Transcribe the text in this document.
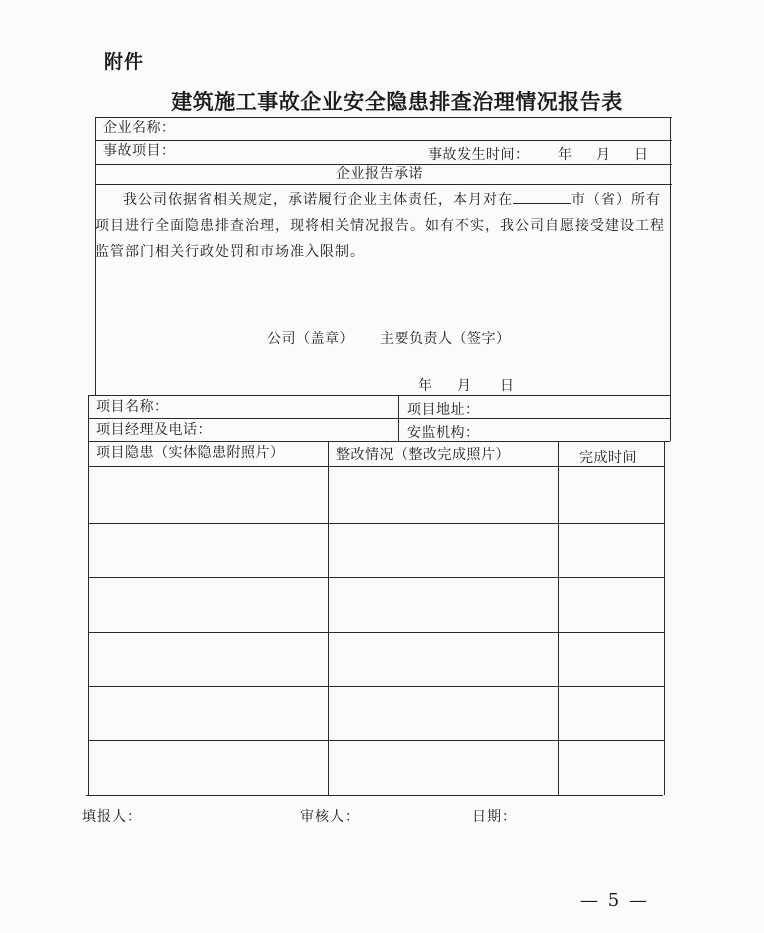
附件
建筑施工事故企业安全隐患排查治理情况报告表
企业名称：
事故项目：	事故发生时间： 年 月 日
企业报告承诺
我公司依据省相关规定，承诺履行企业主体责任，本月对在	市（省）所有项目进行全面隐患排查治理，现将相关情况报告。如有不实，我公司自愿接受建设工程监管部门相关行政处罚和市场准入限制。
公司（盖章） 主要负责人（签字）
年 月 日
项目名称：	项目地址：
项目经理及电话：	安监机构：
项目隐患（实体隐患附照片）	整改情况（整改完成照片）	完成时间
填报人：	审核人：	日期：
— 5 —
